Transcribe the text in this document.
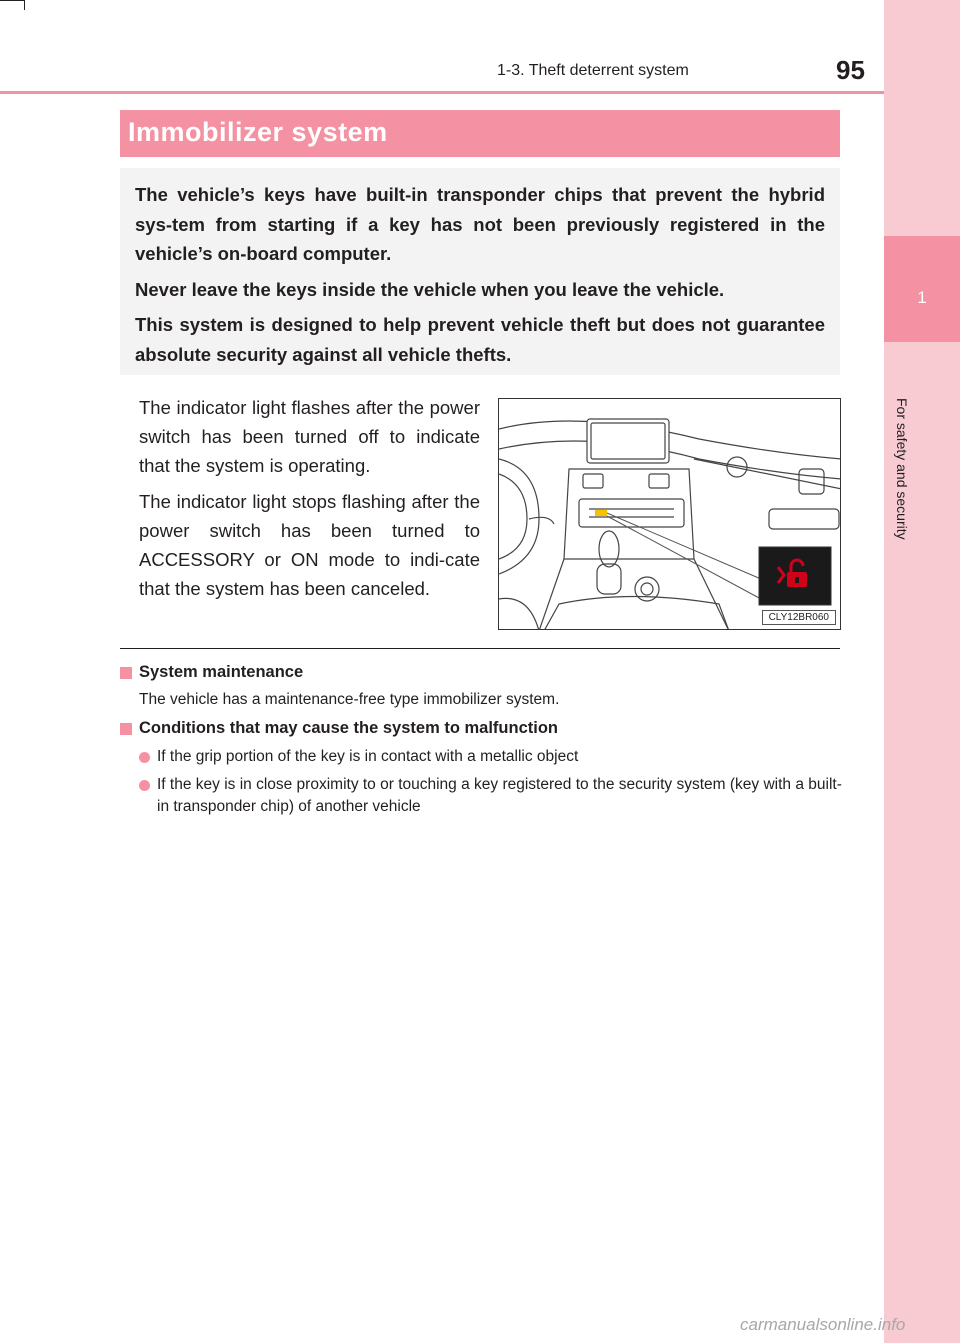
1
For safety and security
1-3. Theft deterrent system	95
Immobilizer system

The vehicle’s keys have built-in transponder chips that prevent the hybrid sys-tem from starting if a key has not been previously registered in the vehicle’s on-board computer.

Never leave the keys inside the vehicle when you leave the vehicle.

This system is designed to help prevent vehicle theft but does not guarantee absolute security against all vehicle thefts.

The indicator light flashes after the power switch has been turned off to indicate that the system is operating.

The indicator light stops flashing after the power switch has been turned to ACCESSORY or ON mode to indi-cate that the system has been canceled.

CLY12BR060
System maintenance
The vehicle has a maintenance-free type immobilizer system.
Conditions that may cause the system to malfunction
If the grip portion of the key is in contact with a metallic object
If the key is in close proximity to or touching a key registered to the security system (key with a built-in transponder chip) of another vehicle
carmanualsonline.info
